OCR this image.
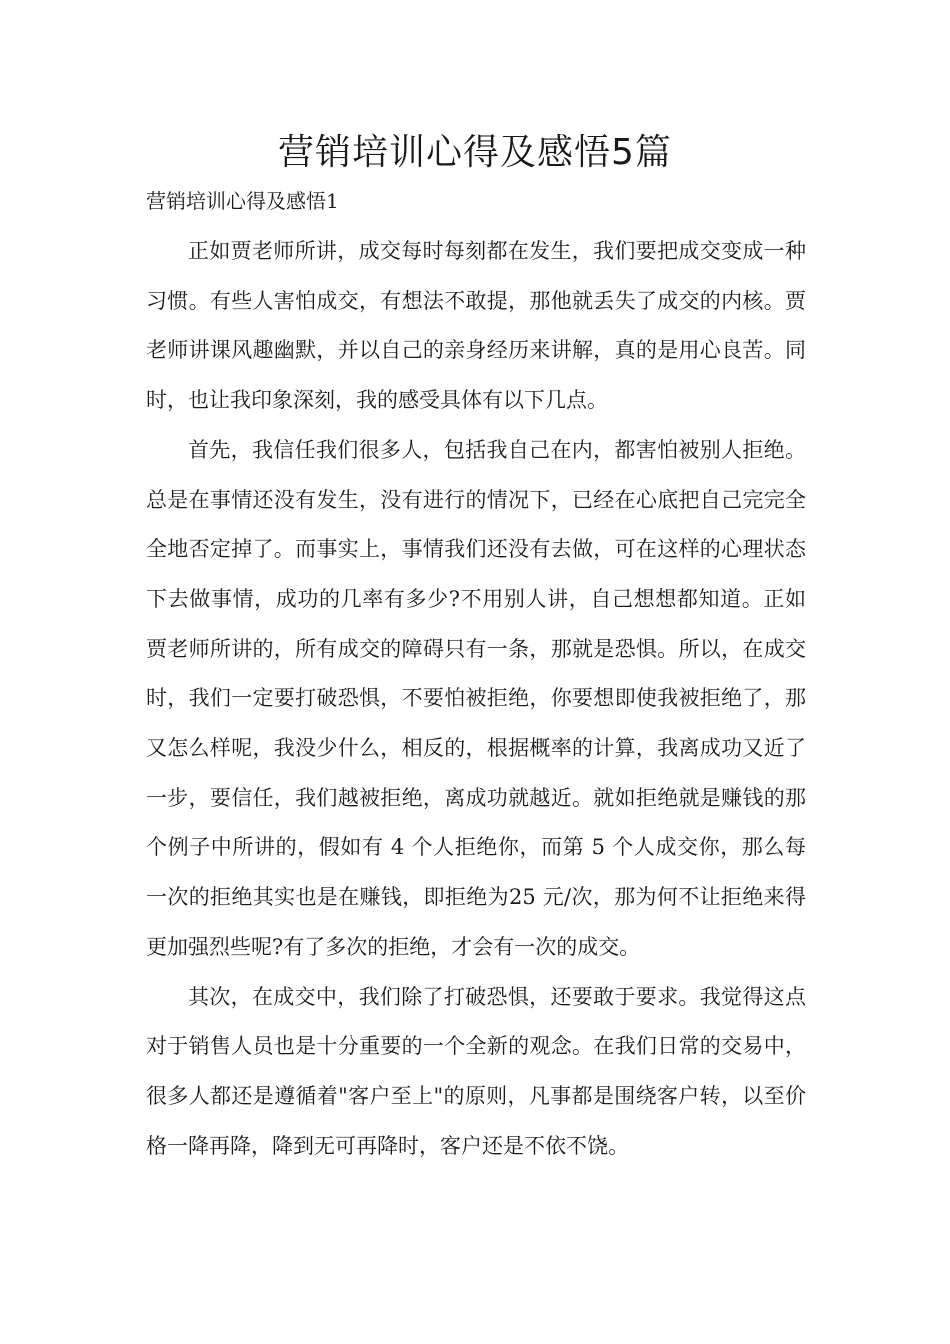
营销培训心得及感悟5篇
营销培训心得及感悟1

正如贾老师所讲，成交每时每刻都在发生，我们要把成交变成一种习惯。有些人害怕成交，有想法不敢提，那他就丢失了成交的内核。贾老师讲课风趣幽默，并以自己的亲身经历来讲解，真的是用心良苦。同时，也让我印象深刻，我的感受具体有以下几点。

首先，我信任我们很多人，包括我自己在内，都害怕被别人拒绝。总是在事情还没有发生，没有进行的情况下，已经在心底把自己完完全全地否定掉了。而事实上，事情我们还没有去做，可在这样的心理状态下去做事情，成功的几率有多少?不用别人讲，自己想想都知道。正如贾老师所讲的，所有成交的障碍只有一条，那就是恐惧。所以，在成交时，我们一定要打破恐惧，不要怕被拒绝，你要想即使我被拒绝了，那又怎么样呢，我没少什么，相反的，根据概率的计算，我离成功又近了一步，要信任，我们越被拒绝，离成功就越近。就如拒绝就是赚钱的那个例子中所讲的，假如有 4 个人拒绝你，而第 5 个人成交你，那么每一次的拒绝其实也是在赚钱，即拒绝为25 元/次，那为何不让拒绝来得更加强烈些呢?有了多次的拒绝，才会有一次的成交。

其次，在成交中，我们除了打破恐惧，还要敢于要求。我觉得这点对于销售人员也是十分重要的一个全新的观念。在我们日常的交易中，很多人都还是遵循着"客户至上"的原则，凡事都是围绕客户转，以至价格一降再降，降到无可再降时，客户还是不依不饶。
